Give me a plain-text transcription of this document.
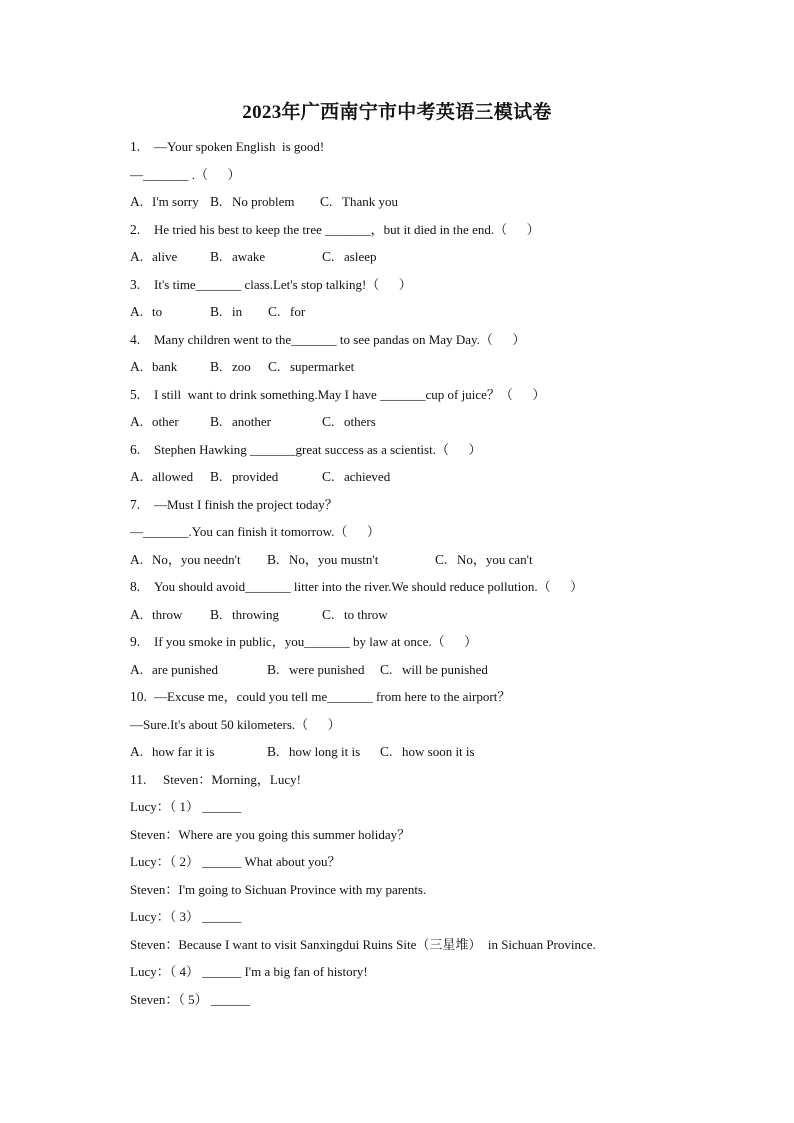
2023年广西南宁市中考英语三模试卷
1.	—Your spoken English  is good!
—_______ .（      ）
A. I'm sorry B. No problem C. Thank you
2.	He tried his best to keep the tree _______，but it died in the end.（      ）
A. alive B. awake	C. asleep
3.	It's time_______ class.Let's stop talking!（      ）
A. to	B. in C. for
4.	Many children went to the_______ to see pandas on May Day.（      ）
A. bank B. zoo C. supermarket
5.	I still  want to drink something.May I have _______cup of juice？（      ）
A. other B. another	C. others
6.	Stephen Hawking _______great success as a scientist.（      ）
A. allowed B. provided	C. achieved
7.	—Must I finish the project today？
—_______.You can finish it tomorrow.（      ）
A. No，you needn't B. No，you mustn't	C. No，you can't
8.	You should avoid_______ litter into the river.We should reduce pollution.（      ）
A. throw B. throwing	C. to throw
9.	If you smoke in public，you_______ by law at once.（      ）
A. are punished	B. were punished C. will be punished
10. —Excuse me，could you tell me_______ from here to the airport？
—Sure.It's about 50 kilometers.（      ）
A. how far it is	B. how long it is C. how soon it is
11.	Steven：Morning，Lucy!
Lucy：（ 1） ______
Steven：Where are you going this summer holiday？
Lucy：（ 2） ______ What about you？
Steven：I'm going to Sichuan Province with my parents.
Lucy：（ 3） ______
Steven：Because I want to visit Sanxingdui Ruins Site（三星堆）  in Sichuan Province.
Lucy：（ 4） ______ I'm a big fan of history!
Steven：（ 5） ______
